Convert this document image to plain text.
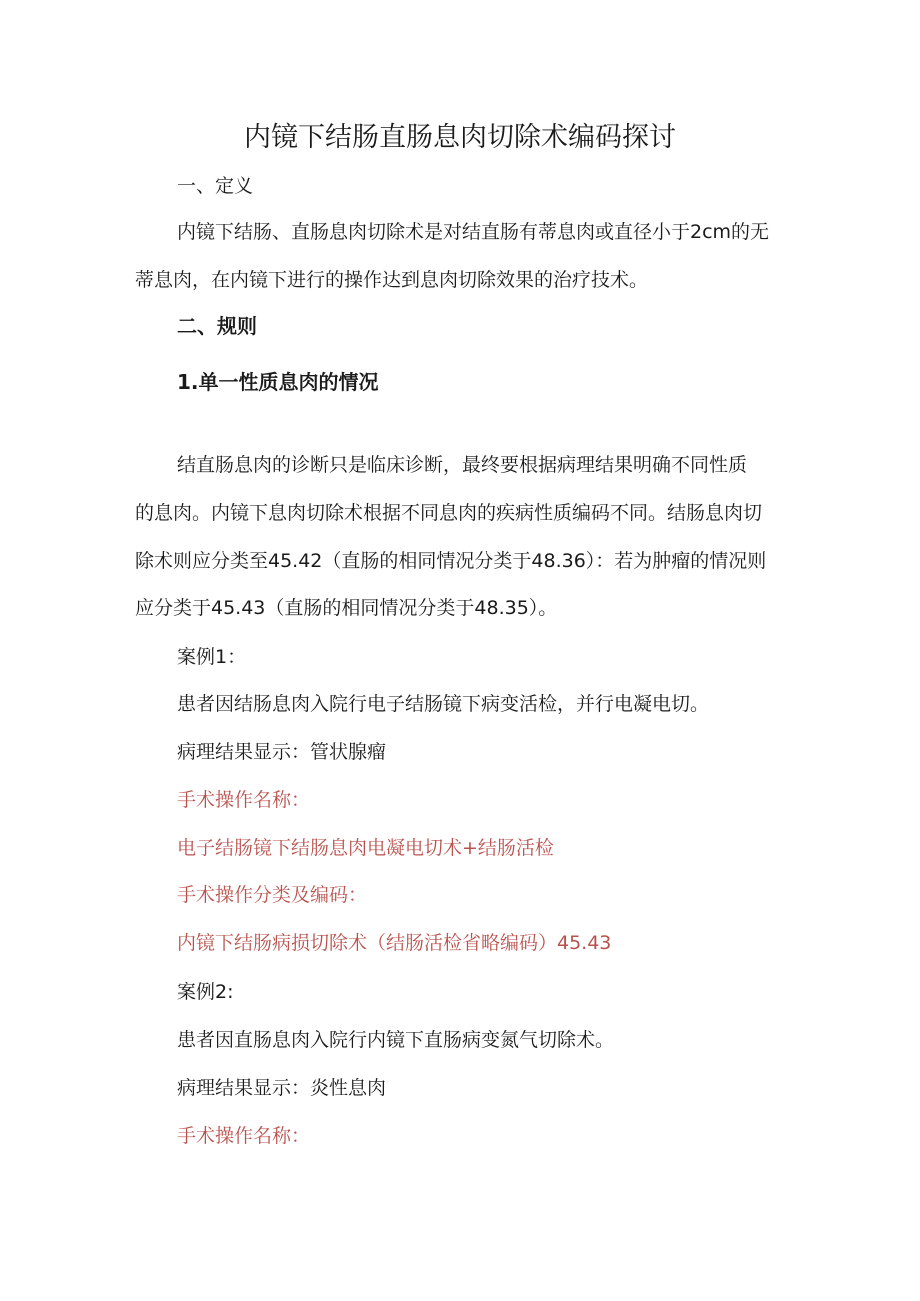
内镜下结肠直肠息肉切除术编码探讨

一、定义

内镜下结肠、直肠息肉切除术是对结直肠有蒂息肉或直径小于2cm的无

蒂息肉，在内镜下进行的操作达到息肉切除效果的治疗技术。

二、规则

1.单一性质息肉的情况

结直肠息肉的诊断只是临床诊断，最终要根据病理结果明确不同性质

的息肉。内镜下息肉切除术根据不同息肉的疾病性质编码不同。结肠息肉切

除术则应分类至45.42（直肠的相同情况分类于48.36）：若为肿瘤的情况则

应分类于45.43（直肠的相同情况分类于48.35）。

案例1：

患者因结肠息肉入院行电子结肠镜下病变活检，并行电凝电切。

病理结果显示：管状腺瘤

手术操作名称：

电子结肠镜下结肠息肉电凝电切术+结肠活检

手术操作分类及编码：

内镜下结肠病损切除术（结肠活检省略编码）45.43

案例2:

患者因直肠息肉入院行内镜下直肠病变氮气切除术。

病理结果显示：炎性息肉

手术操作名称：
